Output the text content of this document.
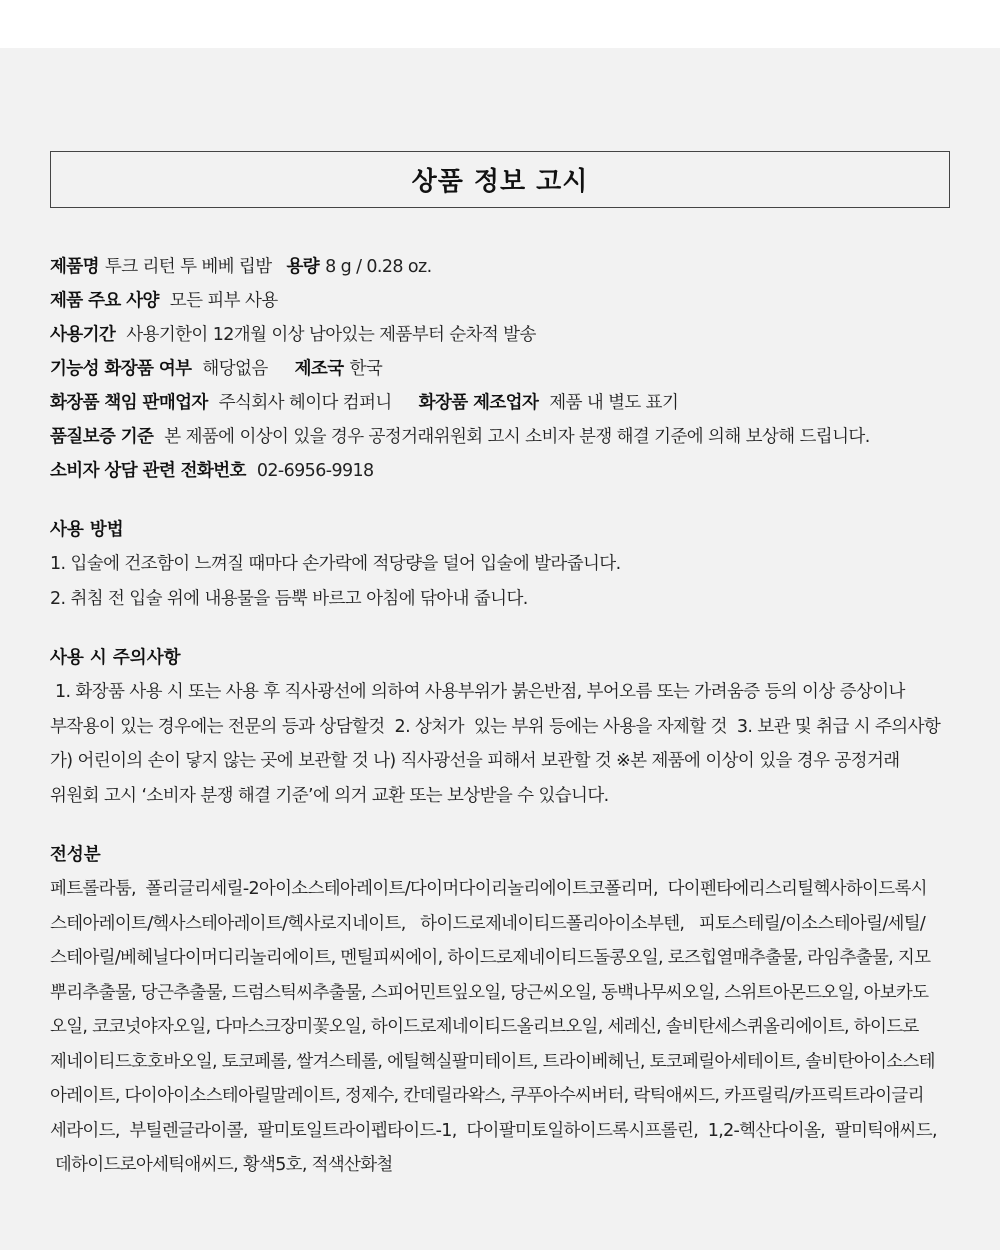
상품 정보 고시
제품명 투크 리턴 투 베베 립밤 용량 8 g / 0.28 oz.
제품 주요 사양 모든 피부 사용
사용기간 사용기한이 12개월 이상 남아있는 제품부터 순차적 발송
기능성 화장품 여부 해당없음 제조국 한국
화장품 책임 판매업자 주식회사 헤이다 컴퍼니 화장품 제조업자 제품 내 별도 표기
품질보증 기준 본 제품에 이상이 있을 경우 공정거래위원회 고시 소비자 분쟁 해결 기준에 의해 보상해 드립니다.
소비자 상담 관련 전화번호 02-6956-9918
사용 방법
1. 입술에 건조함이 느껴질 때마다 손가락에 적당량을 덜어 입술에 발라줍니다.
2. 취침 전 입술 위에 내용물을 듬뿍 바르고 아침에 닦아내 줍니다.
사용 시 주의사항
1. 화장품 사용 시 또는 사용 후 직사광선에 의하여 사용부위가 붉은반점, 부어오름 또는 가려움증 등의 이상 증상이나
부작용이 있는 경우에는 전문의 등과 상담할것  2. 상처가  있는 부위 등에는 사용을 자제할 것  3. 보관 및 취급 시 주의사항
가) 어린이의 손이 닿지 않는 곳에 보관할 것 나) 직사광선을 피해서 보관할 것 ※본 제품에 이상이 있을 경우 공정거래
위원회 고시 ‘소비자 분쟁 해결 기준’에 의거 교환 또는 보상받을 수 있습니다.
전성분
페트롤라툼,  폴리글리세릴-2아이소스테아레이트/다이머다이리놀리에이트코폴리머,  다이펜타에리스리틸헥사하이드록시
스테아레이트/헥사스테아레이트/헥사로지네이트,   하이드로제네이티드폴리아이소부텐,   피토스테릴/이소스테아릴/세틸/
스테아릴/베헤닐다이머디리놀리에이트, 멘틸피씨에이, 하이드로제네이티드돌콩오일, 로즈힙열매추출물, 라임추출물, 지모
뿌리추출물, 당근추출물, 드럼스틱씨추출물, 스피어민트잎오일, 당근씨오일, 동백나무씨오일, 스위트아몬드오일, 아보카도
오일, 코코넛야자오일, 다마스크장미꽃오일, 하이드로제네이티드올리브오일, 세레신, 솔비탄세스퀴올리에이트, 하이드로
제네이티드호호바오일, 토코페롤, 쌀겨스테롤, 에틸헥실팔미테이트, 트라이베헤닌, 토코페릴아세테이트, 솔비탄아이소스테
아레이트, 다이아이소스테아릴말레이트, 정제수, 칸데릴라왁스, 쿠푸아수씨버터, 락틱애씨드, 카프릴릭/카프릭트라이글리
세라이드,  부틸렌글라이콜,  팔미토일트라이펩타이드-1,  다이팔미토일하이드록시프롤린,  1,2-헥산다이올,  팔미틱애씨드,
데하이드로아세틱애씨드, 황색5호, 적색산화철
